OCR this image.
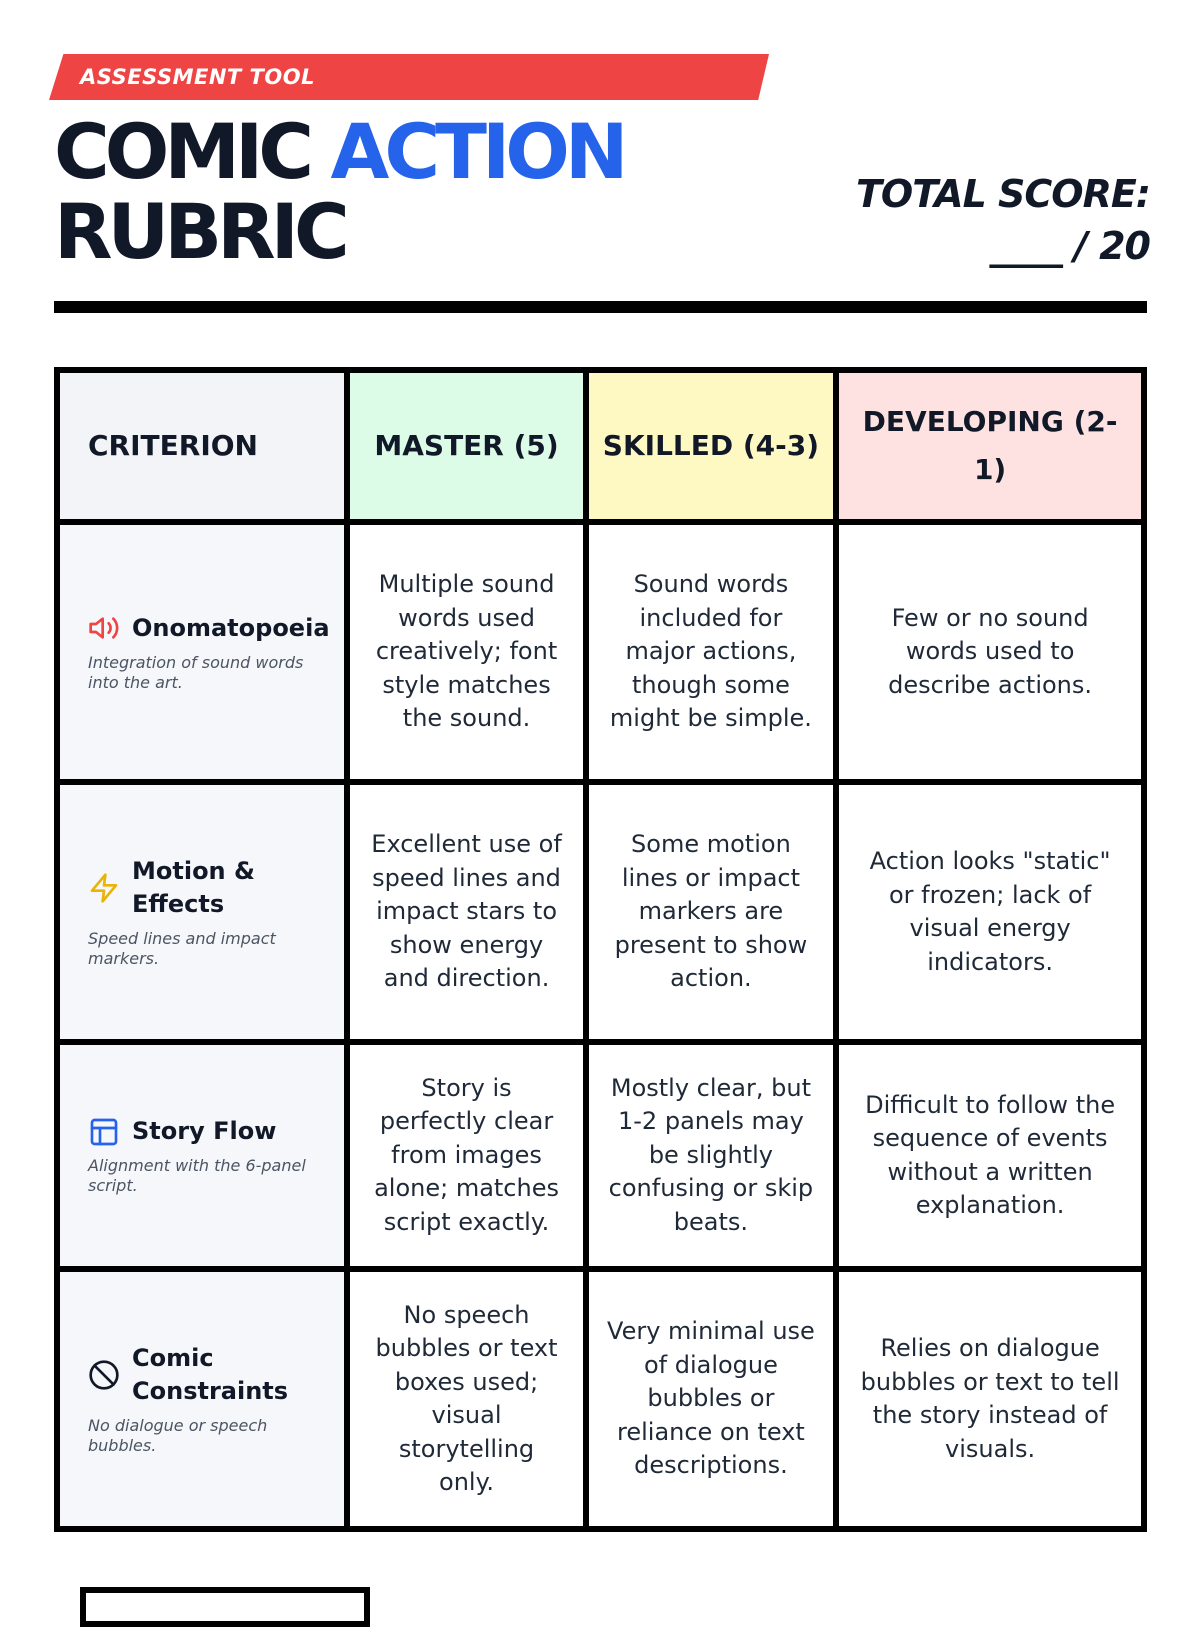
ASSESSMENT TOOL
COMIC ACTION
RUBRIC	TOTAL SCORE:
____ / 20
CRITERION	MASTER (5)	SKILLED (4-3)	DEVELOPING (2-1)

Onomatopoeia
Integration of sound words into the art.	Multiple sound words used creatively; font style matches the sound.	Sound words included for major actions, though some might be simple.	Few or no sound words used to describe actions.

Motion & Effects
Speed lines and impact markers.	Excellent use of speed lines and impact stars to show energy and direction.	Some motion lines or impact markers are present to show action.	Action looks "static" or frozen; lack of visual energy indicators.

Story Flow
Alignment with the 6-panel script.	Story is perfectly clear from images alone; matches script exactly.	Mostly clear, but 1-2 panels may be slightly confusing or skip beats.	Difficult to follow the sequence of events without a written explanation.

Comic Constraints
No dialogue or speech bubbles.	No speech bubbles or text boxes used; visual storytelling only.	Very minimal use of dialogue bubbles or reliance on text descriptions.	Relies on dialogue bubbles or text to tell the story instead of visuals.
